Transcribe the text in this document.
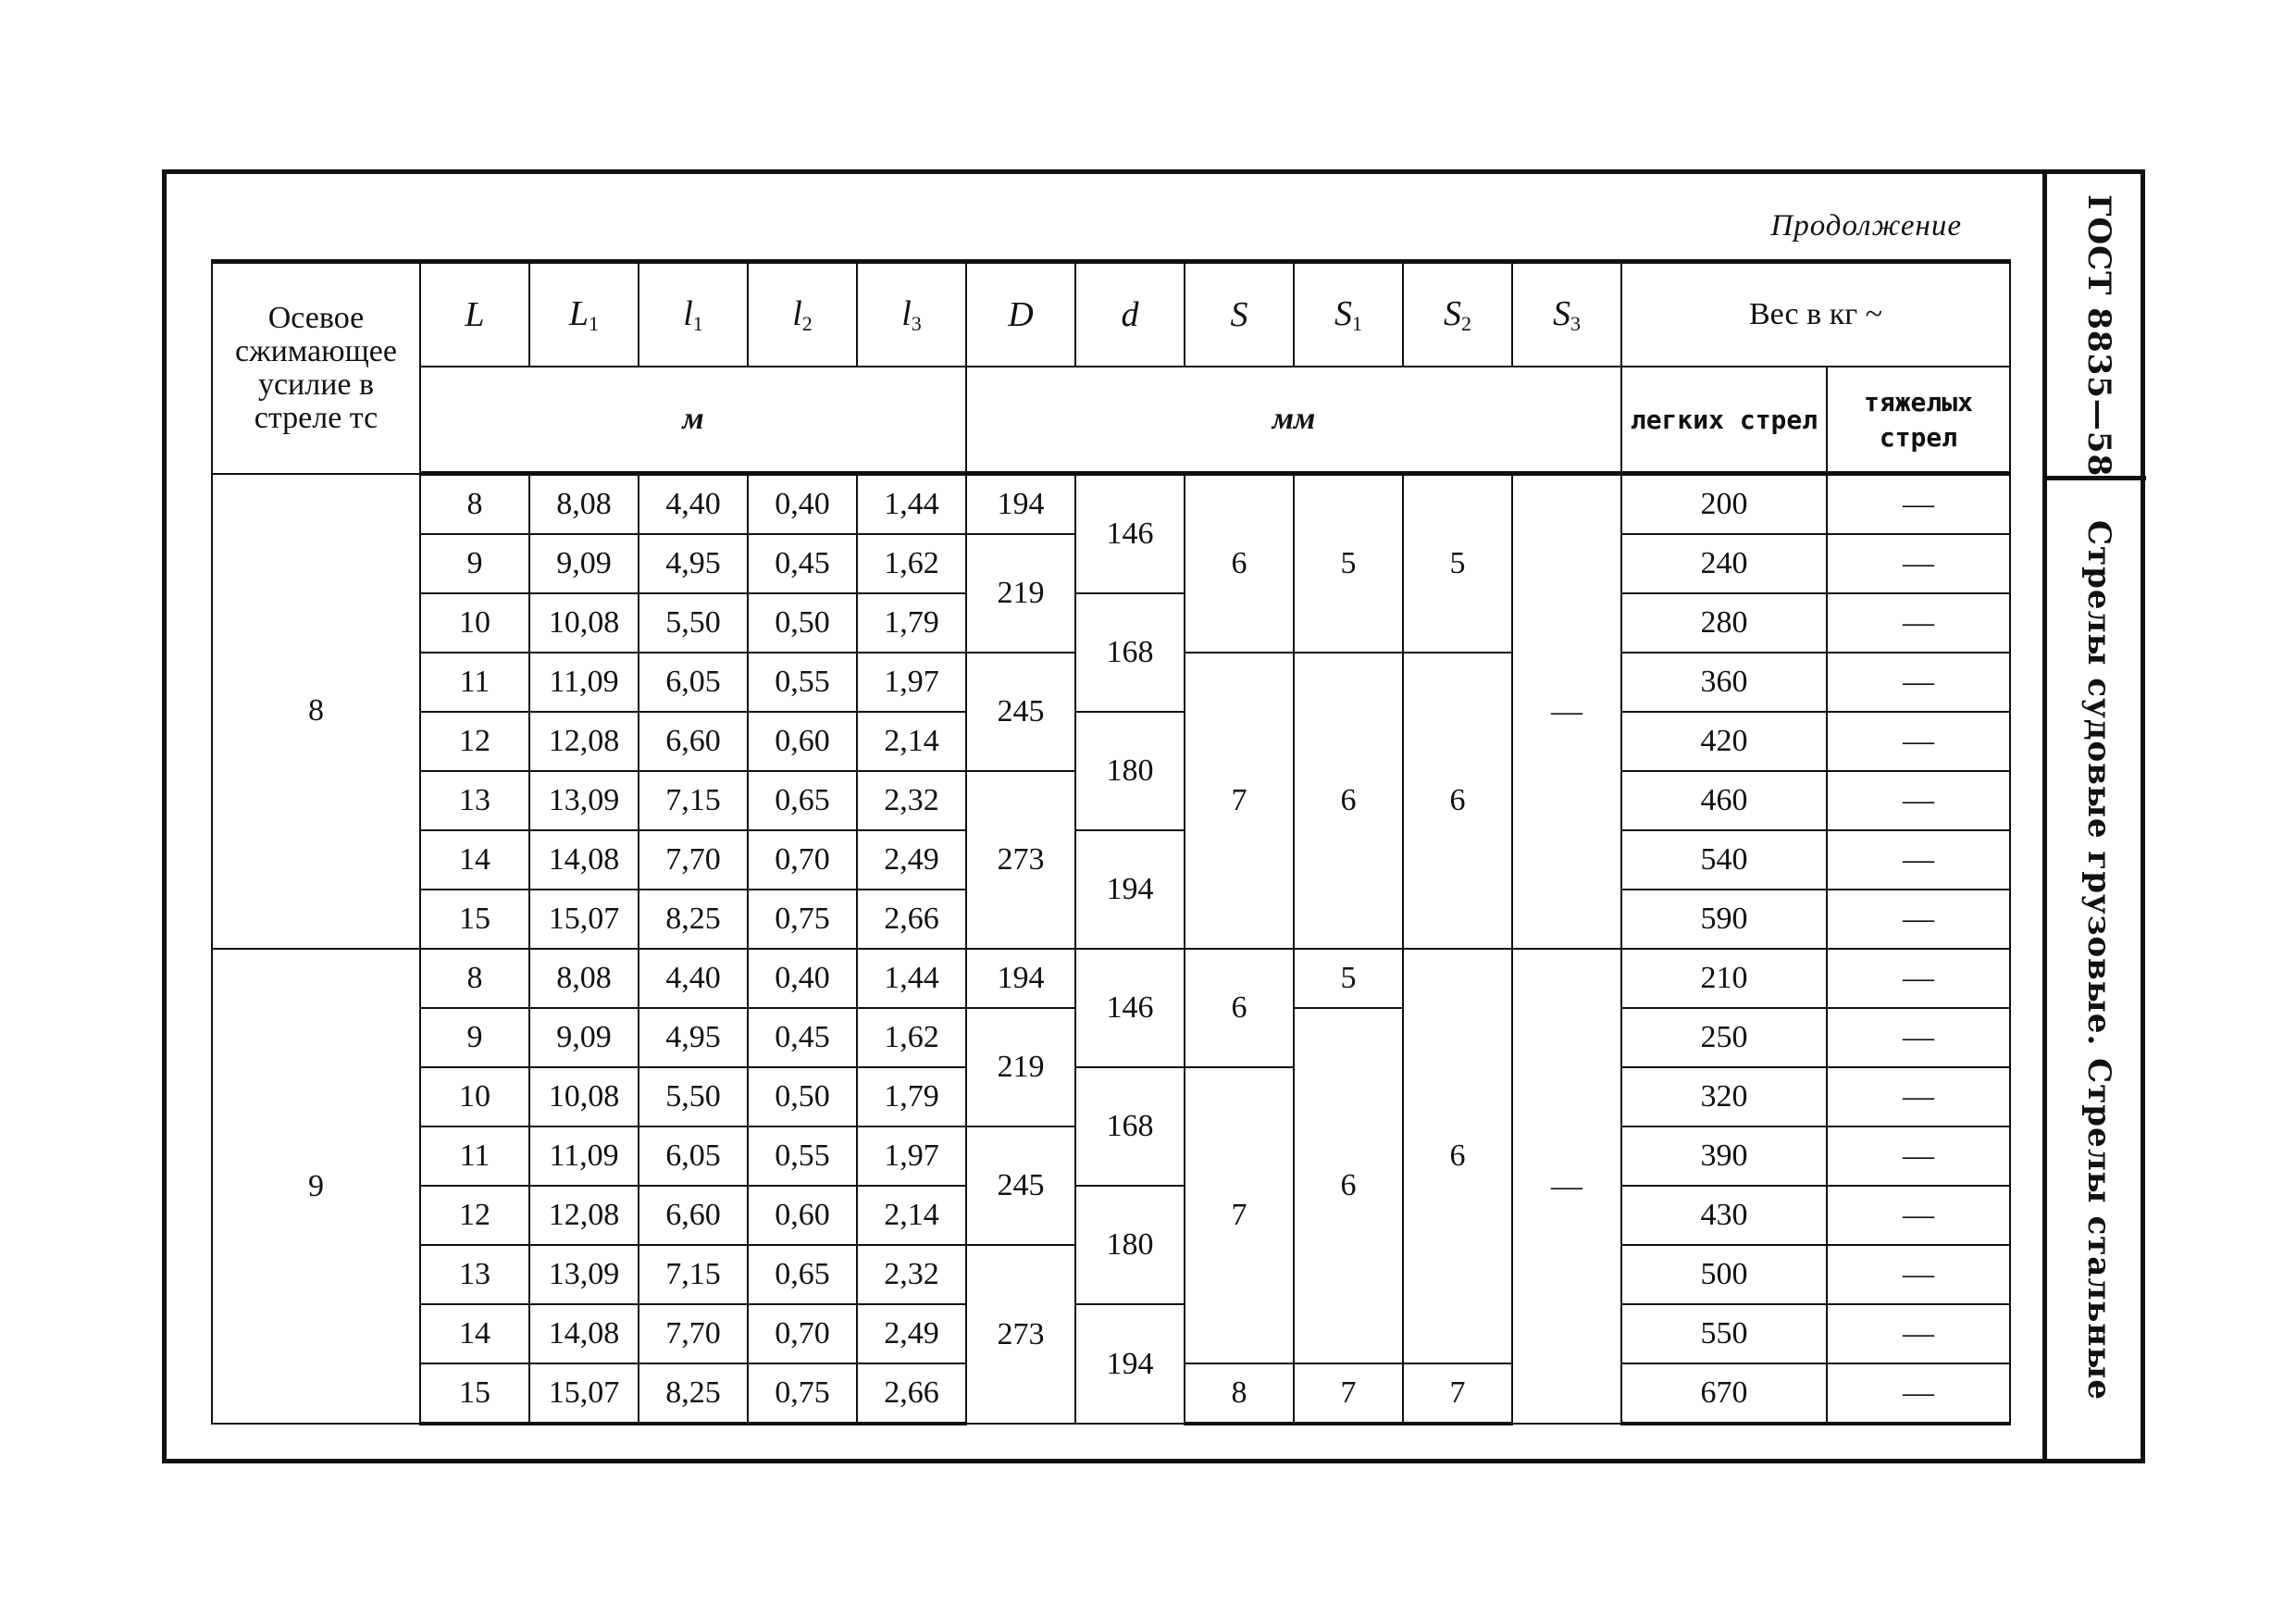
ГОСТ 8835—58
Стрелы судовые грузовые. Стрелы стальные
Продолжение
Осевое сжимающее усилие в стреле тс	L	$L_1$	$l_1$	$l_2$	$l_3$	D	d	S	$S_1$	$S_2$	$S_3$	Вес в кг ~	
	м					мм						легких стрел	тяжелых стрел
8	8	8,08	4,40	0,40	1,44	194	146	6	5	5	—	200	—
	9	9,09	4,95	0,45	1,62	219						240	—
	10	10,08	5,50	0,50	1,79		168					280	—
	11	11,09	6,05	0,55	1,97	245		7	6	6		360	—
	12	12,08	6,60	0,60	2,14		180					420	—
	13	13,09	7,15	0,65	2,32	273						460	—
	14	14,08	7,70	0,70	2,49		194					540	—
	15	15,07	8,25	0,75	2,66							590	—
9	8	8,08	4,40	0,40	1,44	194	146	6	5	6	—	210	—
	9	9,09	4,95	0,45	1,62	219			6			250	—
	10	10,08	5,50	0,50	1,79		168	7				320	—
	11	11,09	6,05	0,55	1,97	245						390	—
	12	12,08	6,60	0,60	2,14		180					430	—
	13	13,09	7,15	0,65	2,32	273						500	—
	14	14,08	7,70	0,70	2,49		194					550	—
	15	15,07	8,25	0,75	2,66			8	7	7		670	—
